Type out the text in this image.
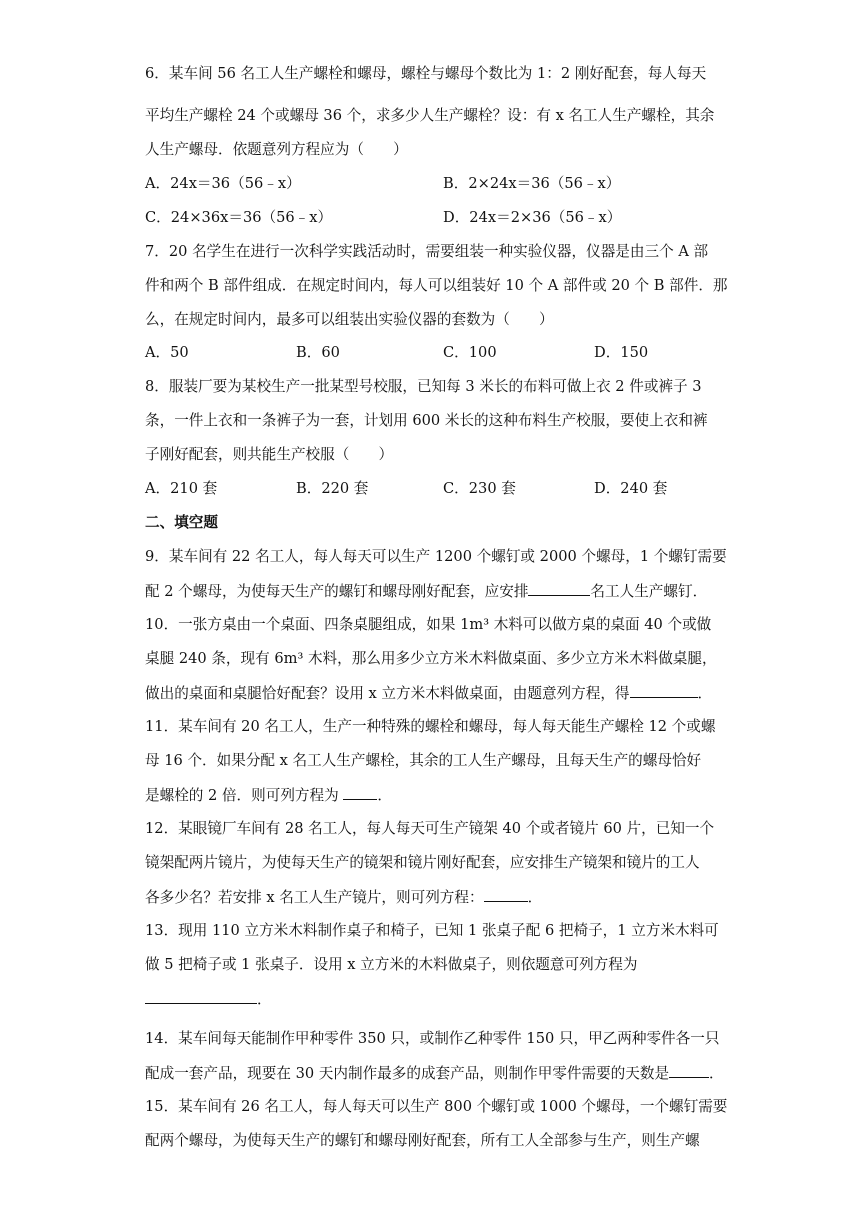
6．某车间 56 名工人生产螺栓和螺母，螺栓与螺母个数比为 1：2 刚好配套，每人每天
平均生产螺栓 24 个或螺母 36 个，求多少人生产螺栓？设：有 x 名工人生产螺栓，其余
人生产螺母．依题意列方程应为（　　）
A．24x＝36（56﹣x）	B．2×24x＝36（56﹣x）
C．24×36x＝36（56﹣x）	D．24x＝2×36（56﹣x）
7．20 名学生在进行一次科学实践活动时，需要组装一种实验仪器，仪器是由三个 A 部
件和两个 B 部件组成．在规定时间内，每人可以组装好 10 个 A 部件或 20 个 B 部件．那
么，在规定时间内，最多可以组装出实验仪器的套数为（　　）
A．50	B．60	C．100	D．150
8．服装厂要为某校生产一批某型号校服，已知每 3 米长的布料可做上衣 2 件或裤子 3
条，一件上衣和一条裤子为一套，计划用 600 米长的这种布料生产校服，要使上衣和裤
子刚好配套，则共能生产校服（　　）
A．210 套	B．220 套	C．230 套	D．240 套
二、填空题
9．某车间有 22 名工人，每人每天可以生产 1200 个螺钉或 2000 个螺母，1 个螺钉需要
配 2 个螺母，为使每天生产的螺钉和螺母刚好配套，应安排	名工人生产螺钉．
10．一张方桌由一个桌面、四条桌腿组成，如果 1m³ 木料可以做方桌的桌面 40 个或做
桌腿 240 条，现有 6m³ 木料，那么用多少立方米木料做桌面、多少立方米木料做桌腿，
做出的桌面和桌腿恰好配套？设用 x 立方米木料做桌面，由题意列方程，得	．
11．某车间有 20 名工人，生产一种特殊的螺栓和螺母，每人每天能生产螺栓 12 个或螺
母 16 个．如果分配 x 名工人生产螺栓，其余的工人生产螺母，且每天生产的螺母恰好
是螺栓的 2 倍．则可列方程为 ．
12．某眼镜厂车间有 28 名工人，每人每天可生产镜架 40 个或者镜片 60 片，已知一个
镜架配两片镜片，为使每天生产的镜架和镜片刚好配套，应安排生产镜架和镜片的工人
各多少名？若安排 x 名工人生产镜片，则可列方程：	．
13．现用 110 立方米木料制作桌子和椅子，已知 1 张桌子配 6 把椅子，1 立方米木料可
做 5 把椅子或 1 张桌子．设用 x 立方米的木料做桌子，则依题意可列方程为
．
14．某车间每天能制作甲种零件 350 只，或制作乙种零件 150 只，甲乙两种零件各一只
配成一套产品，现要在 30 天内制作最多的成套产品，则制作甲零件需要的天数是	．
15．某车间有 26 名工人，每人每天可以生产 800 个螺钉或 1000 个螺母，一个螺钉需要
配两个螺母，为使每天生产的螺钉和螺母刚好配套，所有工人全部参与生产，则生产螺
